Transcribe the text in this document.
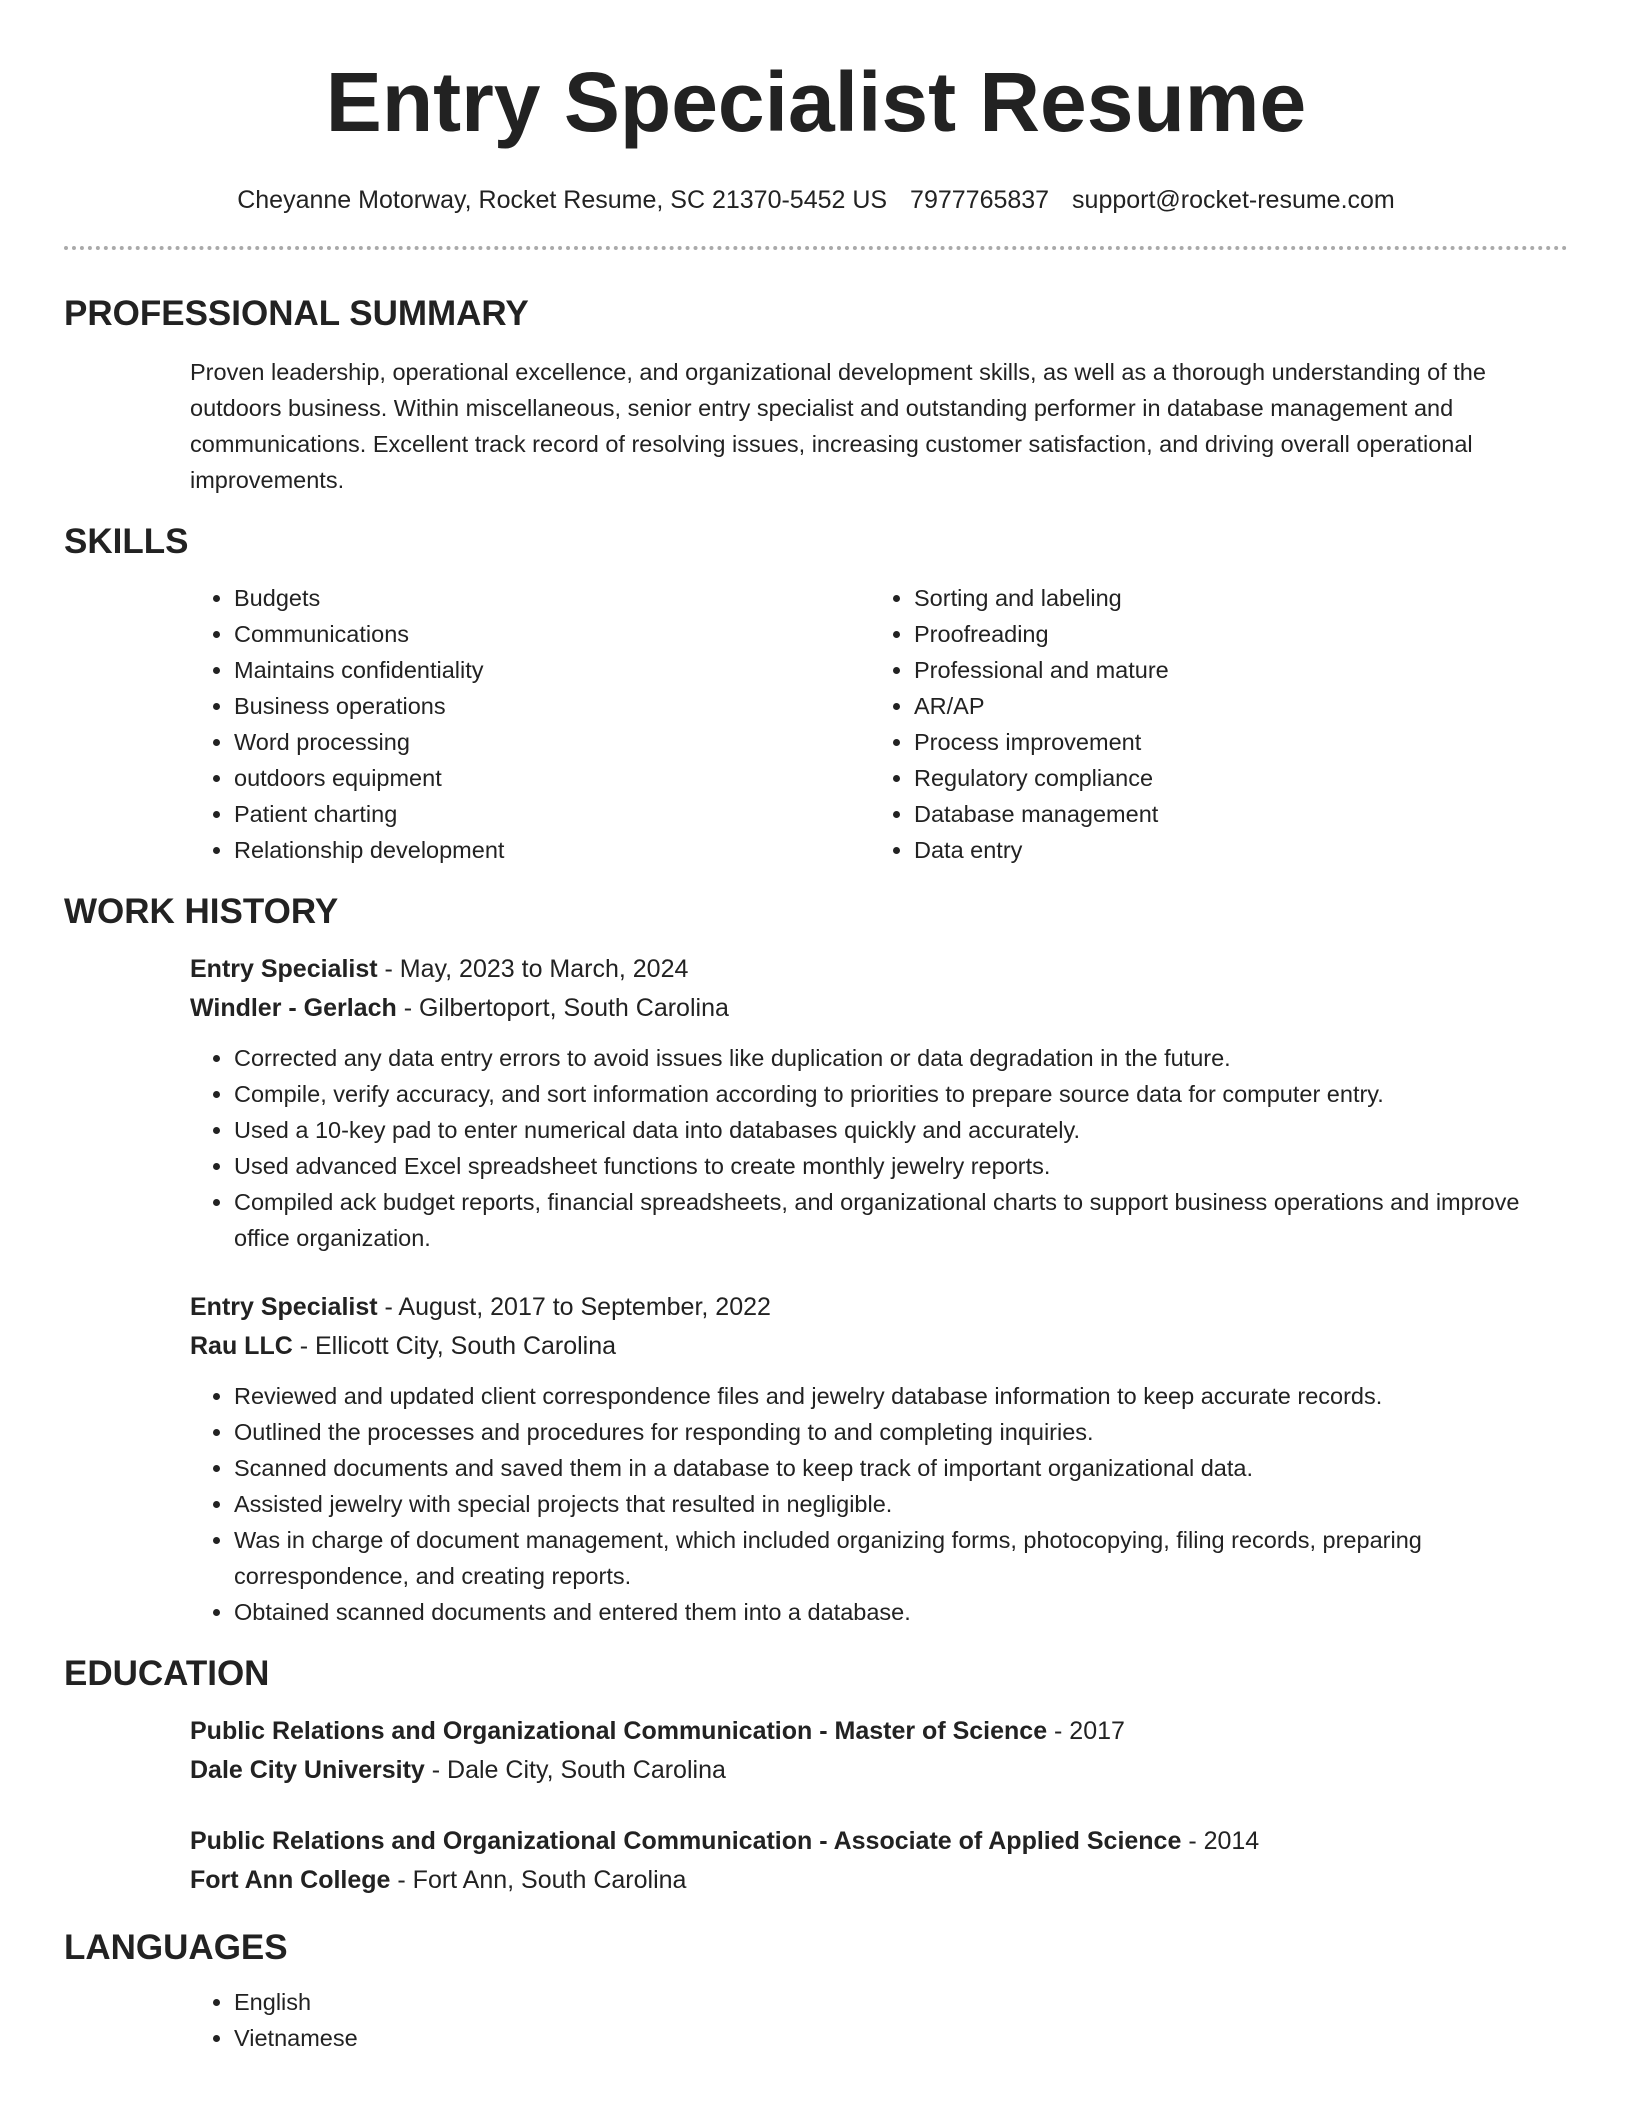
Entry Specialist Resume
Cheyanne Motorway, Rocket Resume, SC 21370-5452 US 7977765837 support@rocket-resume.com
PROFESSIONAL SUMMARY
Proven leadership, operational excellence, and organizational development skills, as well as a thorough understanding of the outdoors business. Within miscellaneous, senior entry specialist and outstanding performer in database management and communications. Excellent track record of resolving issues, increasing customer satisfaction, and driving overall operational improvements.
SKILLS
• Budgets
• Communications
• Maintains confidentiality
• Business operations
• Word processing
• outdoors equipment
• Patient charting
• Relationship development
• Sorting and labeling
• Proofreading
• Professional and mature
• AR/AP
• Process improvement
• Regulatory compliance
• Database management
• Data entry
WORK HISTORY
Entry Specialist - May, 2023 to March, 2024
Windler - Gerlach - Gilbertoport, South Carolina
• Corrected any data entry errors to avoid issues like duplication or data degradation in the future.
• Compile, verify accuracy, and sort information according to priorities to prepare source data for computer entry.
• Used a 10-key pad to enter numerical data into databases quickly and accurately.
• Used advanced Excel spreadsheet functions to create monthly jewelry reports.
• Compiled ack budget reports, financial spreadsheets, and organizational charts to support business operations and improve office organization.
Entry Specialist - August, 2017 to September, 2022
Rau LLC - Ellicott City, South Carolina
• Reviewed and updated client correspondence files and jewelry database information to keep accurate records.
• Outlined the processes and procedures for responding to and completing inquiries.
• Scanned documents and saved them in a database to keep track of important organizational data.
• Assisted jewelry with special projects that resulted in negligible.
• Was in charge of document management, which included organizing forms, photocopying, filing records, preparing correspondence, and creating reports.
• Obtained scanned documents and entered them into a database.
EDUCATION
Public Relations and Organizational Communication - Master of Science - 2017
Dale City University - Dale City, South Carolina
Public Relations and Organizational Communication - Associate of Applied Science - 2014
Fort Ann College - Fort Ann, South Carolina
LANGUAGES
• English
• Vietnamese
